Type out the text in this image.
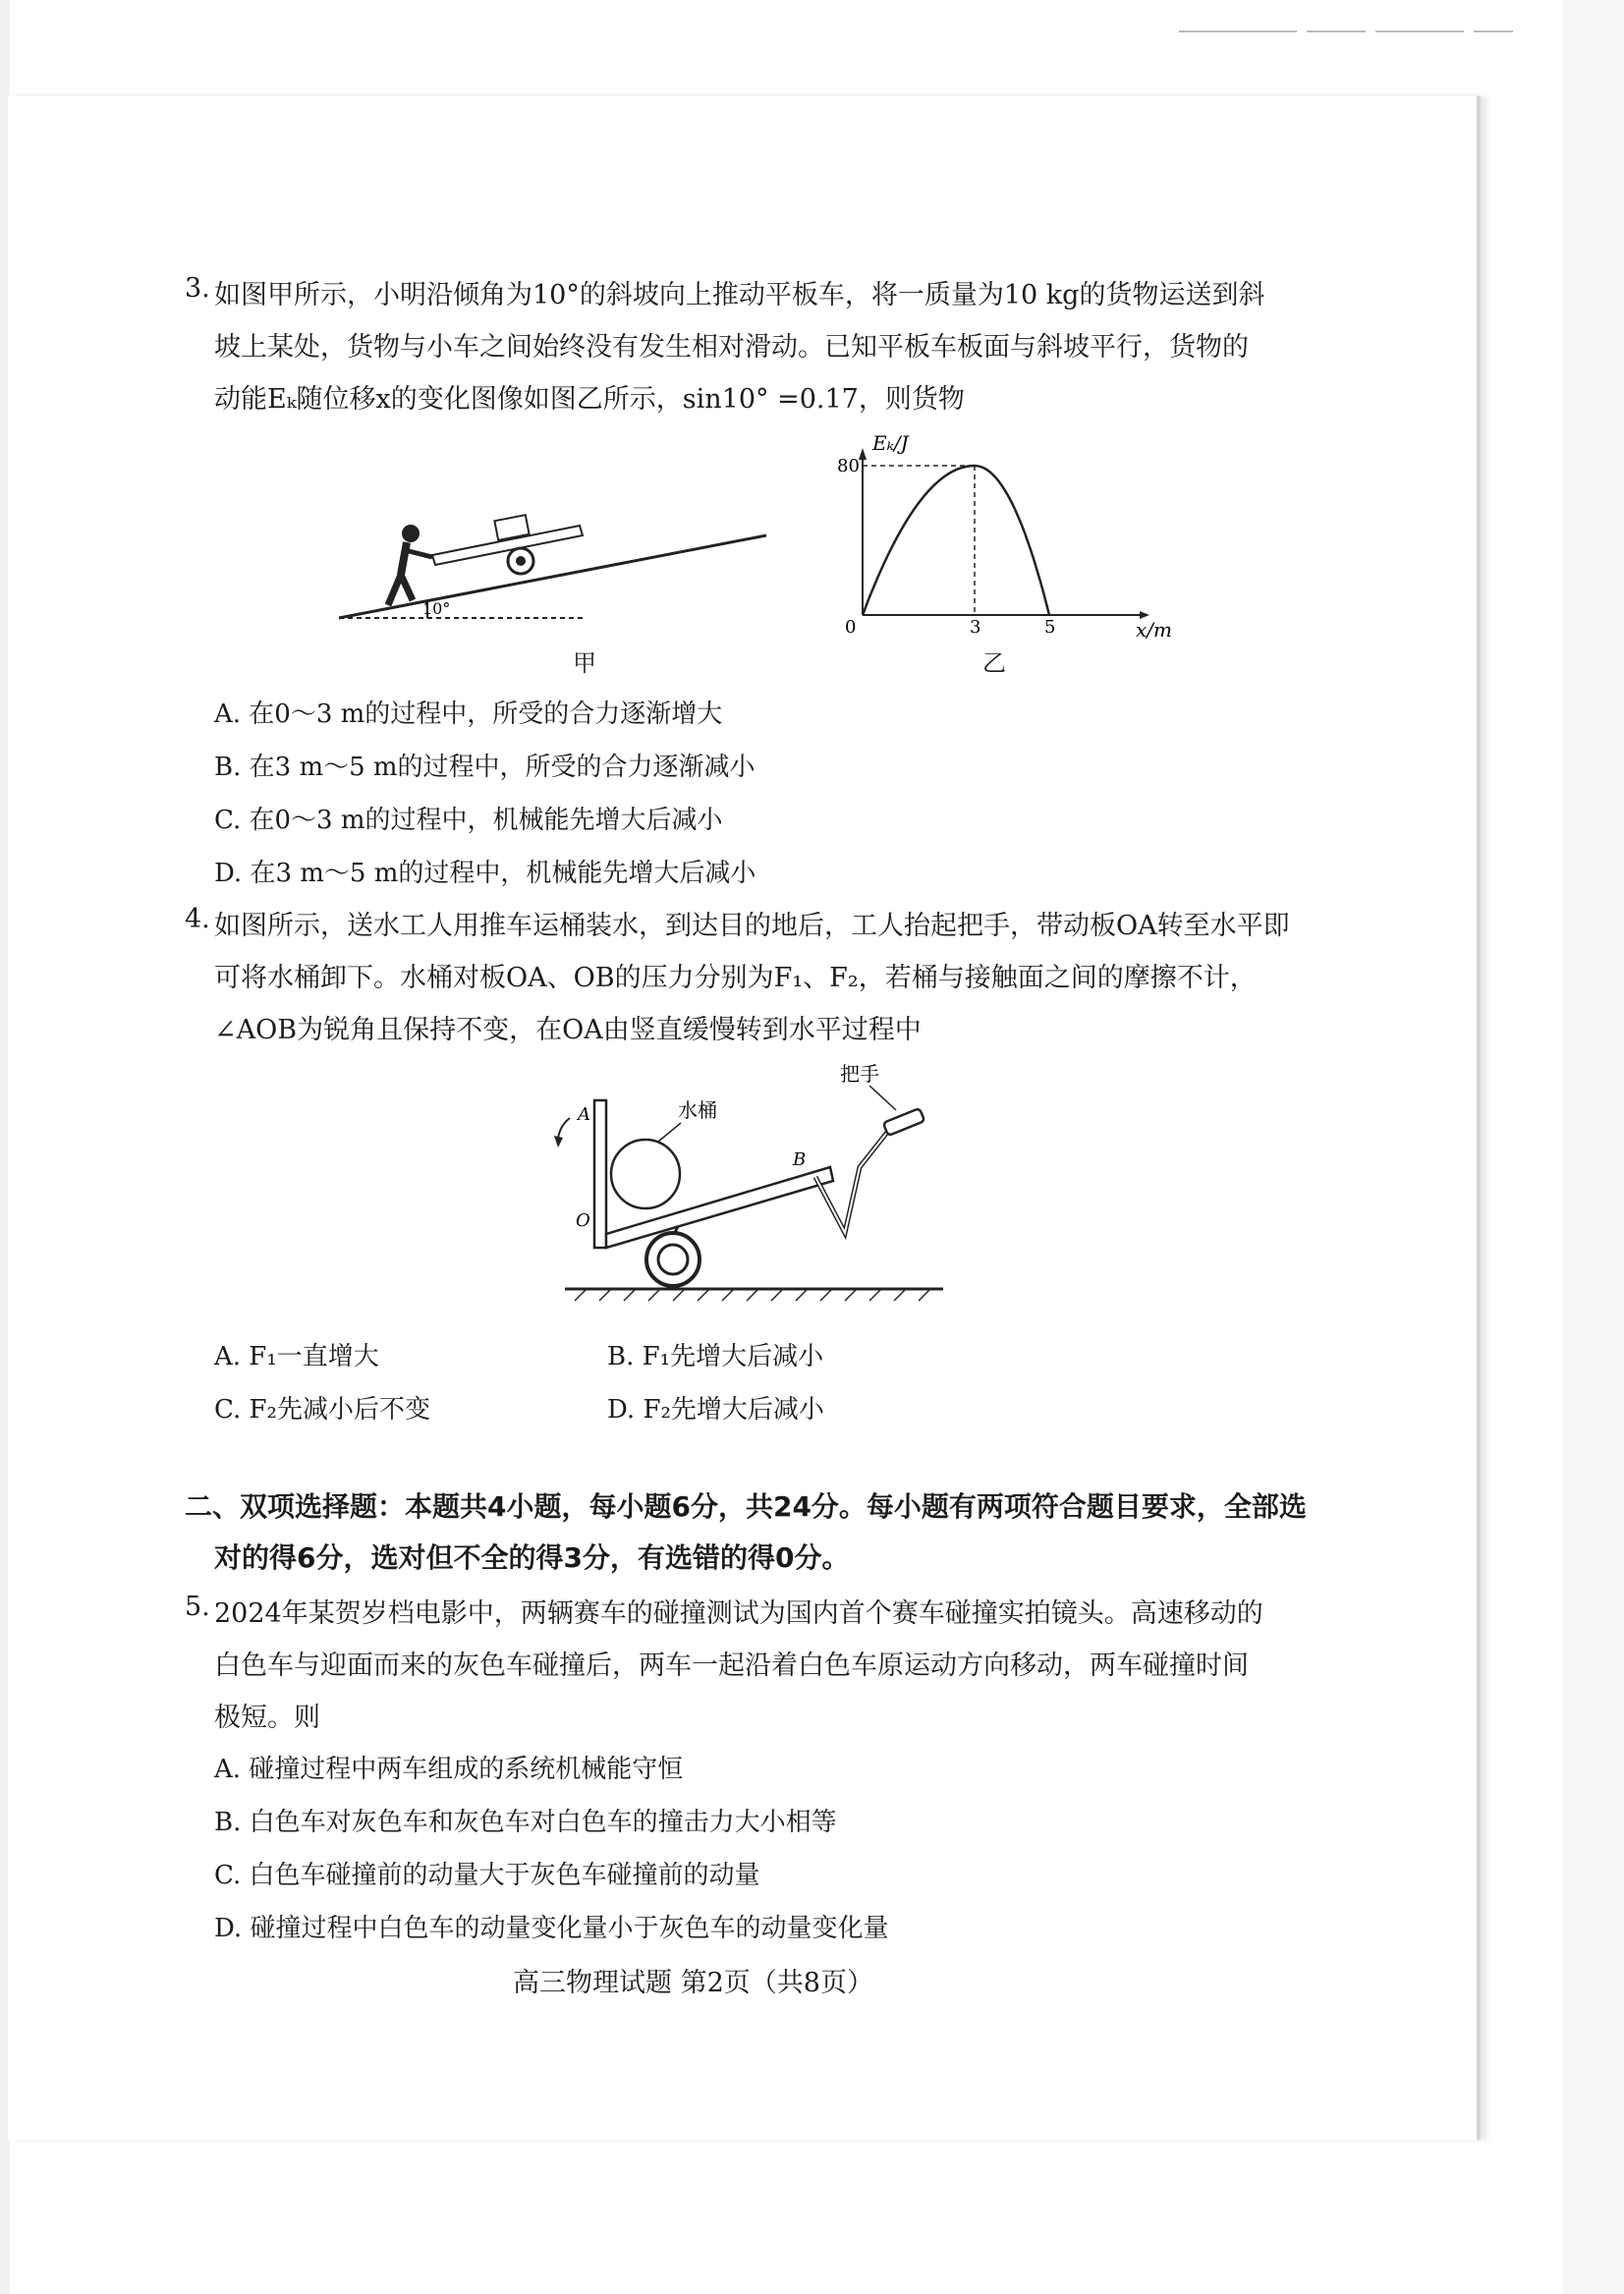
3. 如图甲所示，小明沿倾角为10°的斜坡向上推动平板车，将一质量为10 kg的货物运送到斜
坡上某处，货物与小车之间始终没有发生相对滑动。已知平板车板面与斜坡平行，货物的
动能Eₖ随位移x的变化图像如图乙所示，sin10° =0.17，则货物
10°
甲
Eₖ/J
x/m
0
80
3	5
乙
A. 在0～3 m的过程中，所受的合力逐渐增大
B. 在3 m～5 m的过程中，所受的合力逐渐减小
C. 在0～3 m的过程中，机械能先增大后减小
D. 在3 m～5 m的过程中，机械能先增大后减小
4. 如图所示，送水工人用推车运桶装水，到达目的地后，工人抬起把手，带动板OA转至水平即
可将水桶卸下。水桶对板OA、OB的压力分别为F₁、F₂，若桶与接触面之间的摩擦不计，
∠AOB为锐角且保持不变，在OA由竖直缓慢转到水平过程中
A
O
水桶
B
把手
A. F₁一直增大	B. F₁先增大后减小
C. F₂先减小后不变	D. F₂先增大后减小
二、双项选择题：本题共4小题，每小题6分，共24分。每小题有两项符合题目要求，全部选
对的得6分，选对但不全的得3分，有选错的得0分。
5. 2024年某贺岁档电影中，两辆赛车的碰撞测试为国内首个赛车碰撞实拍镜头。高速移动的
白色车与迎面而来的灰色车碰撞后，两车一起沿着白色车原运动方向移动，两车碰撞时间
极短。则
A. 碰撞过程中两车组成的系统机械能守恒
B. 白色车对灰色车和灰色车对白色车的撞击力大小相等
C. 白色车碰撞前的动量大于灰色车碰撞前的动量
D. 碰撞过程中白色车的动量变化量小于灰色车的动量变化量
高三物理试题 第2页（共8页）
